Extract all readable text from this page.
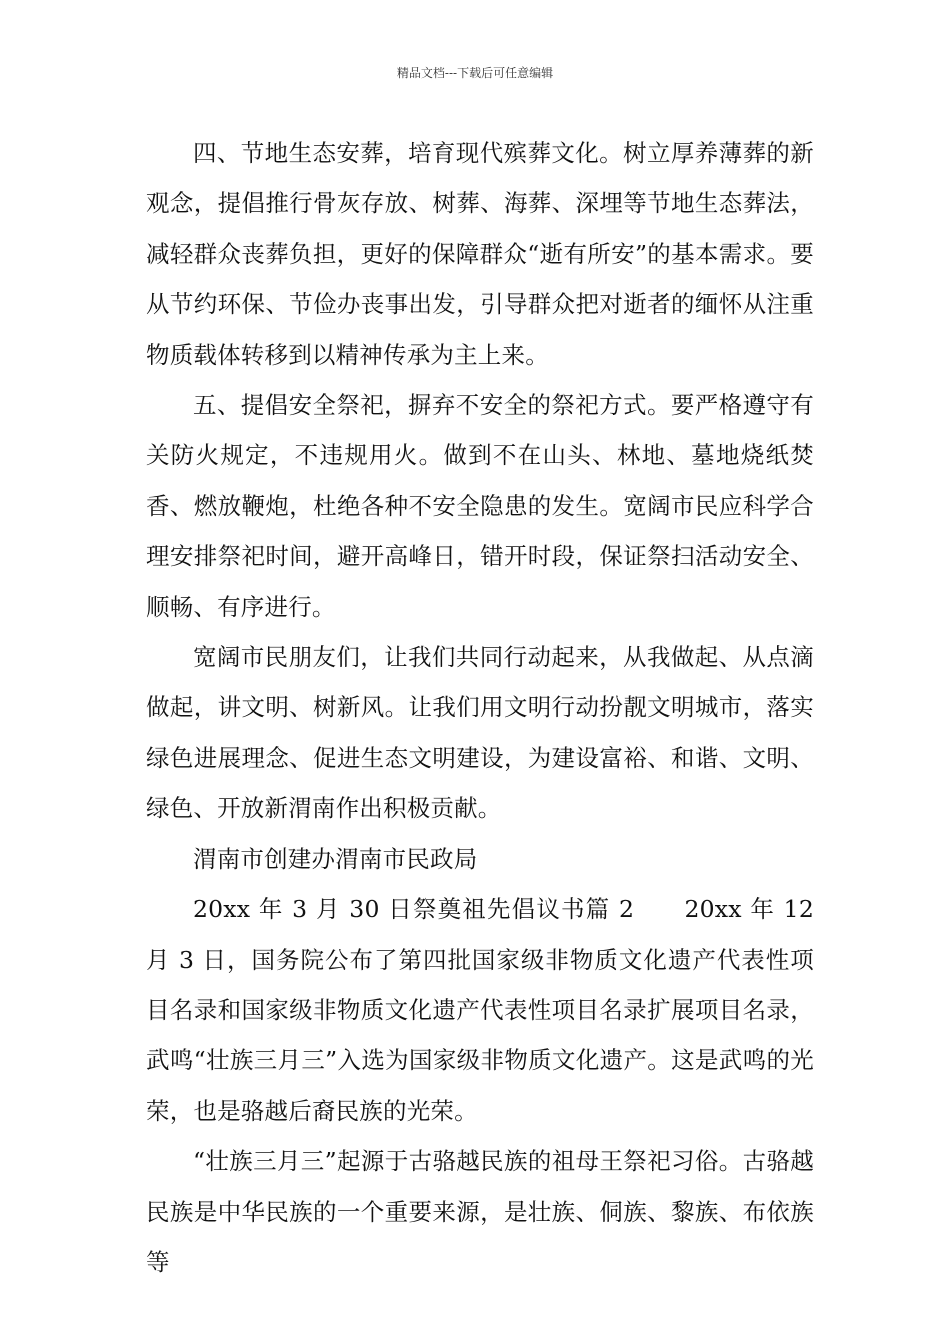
精品文档---下载后可任意编辑

四、节地生态安葬，培育现代殡葬文化。树立厚养薄葬的新观念，提倡推行骨灰存放、树葬、海葬、深埋等节地生态葬法，减轻群众丧葬负担，更好的保障群众“逝有所安”的基本需求。要从节约环保、节俭办丧事出发，引导群众把对逝者的缅怀从注重物质载体转移到以精神传承为主上来。

五、提倡安全祭祀，摒弃不安全的祭祀方式。要严格遵守有关防火规定，不违规用火。做到不在山头、林地、墓地烧纸焚香、燃放鞭炮，杜绝各种不安全隐患的发生。宽阔市民应科学合理安排祭祀时间，避开高峰日，错开时段，保证祭扫活动安全、顺畅、有序进行。

宽阔市民朋友们，让我们共同行动起来，从我做起、从点滴做起，讲文明、树新风。让我们用文明行动扮靓文明城市，落实绿色进展理念、促进生态文明建设，为建设富裕、和谐、文明、绿色、开放新渭南作出积极贡献。

渭南市创建办渭南市民政局

20xx 年 3 月 30 日祭奠祖先倡议书篇 2　　20xx 年 12 月 3 日，国务院公布了第四批国家级非物质文化遗产代表性项目名录和国家级非物质文化遗产代表性项目名录扩展项目名录，武鸣“壮族三月三”入选为国家级非物质文化遗产。这是武鸣的光荣，也是骆越后裔民族的光荣。

“壮族三月三”起源于古骆越民族的祖母王祭祀习俗。古骆越民族是中华民族的一个重要来源，是壮族、侗族、黎族、布依族等
